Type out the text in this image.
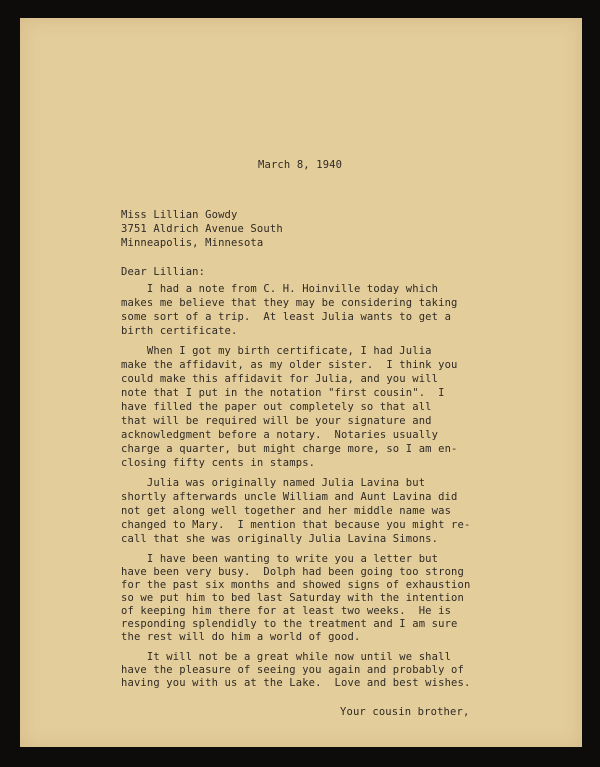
March 8, 1940
Miss Lillian Gowdy
3751 Aldrich Avenue South
Minneapolis, Minnesota
Dear Lillian:
I had a note from C. H. Hoinville today which
makes me believe that they may be considering taking
some sort of a trip.  At least Julia wants to get a
birth certificate.
When I got my birth certificate, I had Julia
make the affidavit, as my older sister.  I think you
could make this affidavit for Julia, and you will
note that I put in the notation "first cousin".  I
have filled the paper out completely so that all
that will be required will be your signature and
acknowledgment before a notary.  Notaries usually
charge a quarter, but might charge more, so I am en-
closing fifty cents in stamps.
Julia was originally named Julia Lavina but
shortly afterwards uncle William and Aunt Lavina did
not get along well together and her middle name was
changed to Mary.  I mention that because you might re-
call that she was originally Julia Lavina Simons.
I have been wanting to write you a letter but
have been very busy.  Dolph had been going too strong
for the past six months and showed signs of exhaustion
so we put him to bed last Saturday with the intention
of keeping him there for at least two weeks.  He is
responding splendidly to the treatment and I am sure
the rest will do him a world of good.
It will not be a great while now until we shall
have the pleasure of seeing you again and probably of
having you with us at the Lake.  Love and best wishes.
Your cousin brother,
